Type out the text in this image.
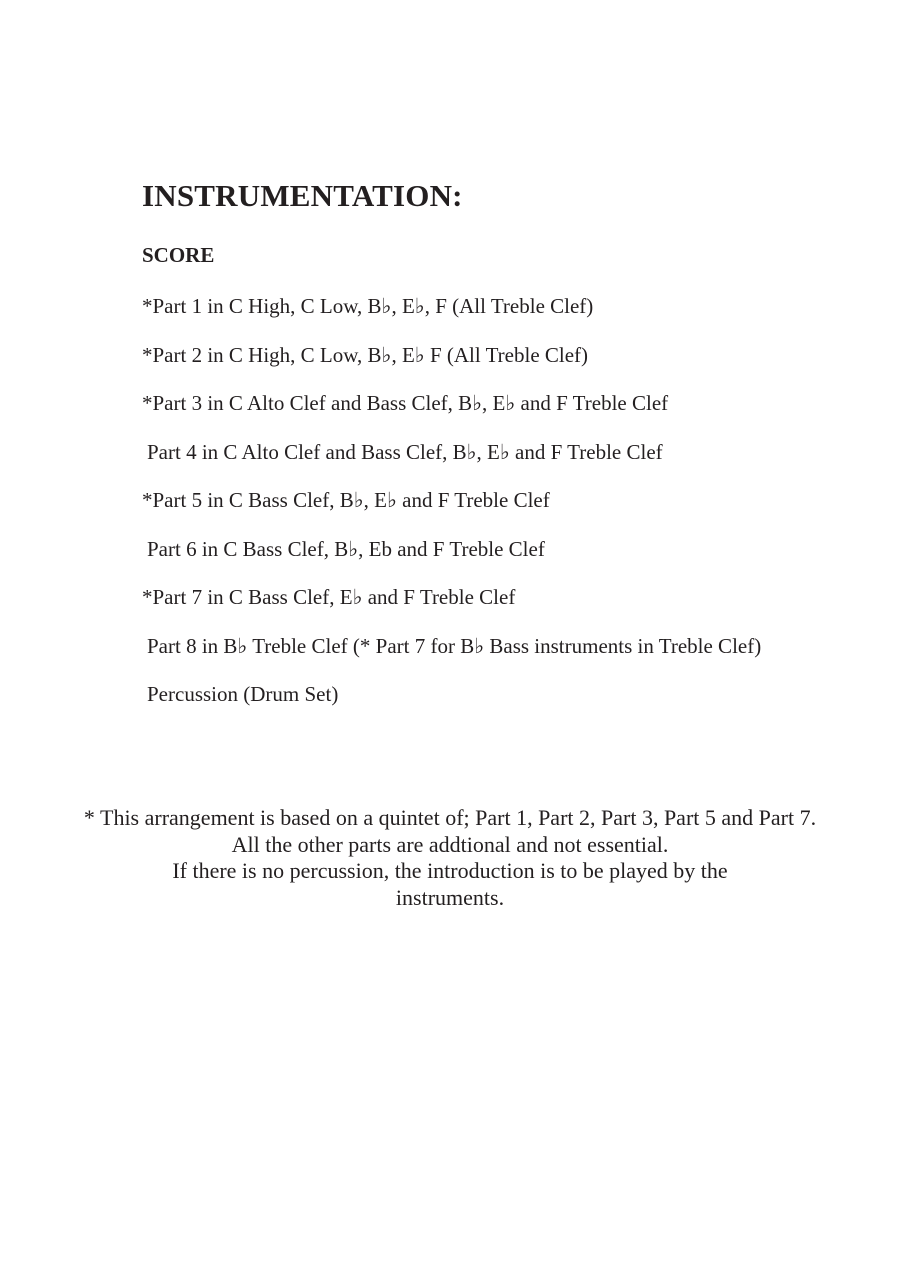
INSTRUMENTATION:
SCORE
*Part 1 in C High, C Low, B♭, E♭, F (All Treble Clef)
*Part 2 in C High, C Low, B♭, E♭ F (All Treble Clef)
*Part 3 in C Alto Clef and Bass Clef, B♭, E♭ and F Treble Clef
Part 4 in C Alto Clef and Bass Clef, B♭, E♭ and F Treble Clef
*Part 5 in C Bass Clef, B♭, E♭ and F Treble Clef
Part 6 in C Bass Clef, B♭, Eb and F Treble Clef
*Part 7 in C Bass Clef, E♭ and F Treble Clef
Part 8 in B♭ Treble Clef (* Part 7 for B♭ Bass instruments in Treble Clef)
Percussion (Drum Set)

* This arrangement is based on a quintet of; Part 1, Part 2, Part 3, Part 5 and Part 7.
All the other parts are addtional and not essential.
If there is no percussion, the introduction is to be played by the
instruments.
